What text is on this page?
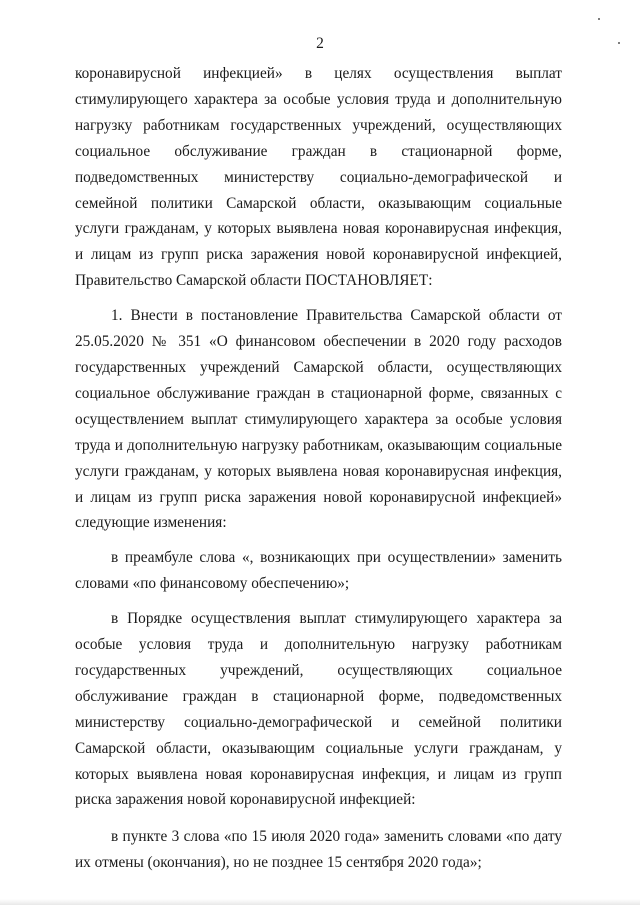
2

коронавирусной инфекцией» в целях осуществления выплат стимулирующего характера за особые условия труда и дополнительную нагрузку работникам государственных учреждений, осуществляющих социальное обслуживание граждан в стационарной форме, подведомственных министерству социально-демографической и семейной политики Самарской области, оказывающим социальные услуги гражданам, у которых выявлена новая коронавирусная инфекция, и лицам из групп риска заражения новой коронавирусной инфекцией, Правительство Самарской области ПОСТАНОВЛЯЕТ:

1. Внести в постановление Правительства Самарской области от 25.05.2020 № 351 «О финансовом обеспечении в 2020 году расходов государственных учреждений Самарской области, осуществляющих социальное обслуживание граждан в стационарной форме, связанных с осуществлением выплат стимулирующего характера за особые условия труда и дополнительную нагрузку работникам, оказывающим социальные услуги гражданам, у которых выявлена новая коронавирусная инфекция, и лицам из групп риска заражения новой коронавирусной инфекцией» следующие изменения:

в преамбуле слова «, возникающих при осуществлении» заменить словами «по финансовому обеспечению»;

в Порядке осуществления выплат стимулирующего характера за особые условия труда и дополнительную нагрузку работникам государственных учреждений, осуществляющих социальное обслуживание граждан в стационарной форме, подведомственных министерству социально-демографической и семейной политики Самарской области, оказывающим социальные услуги гражданам, у которых выявлена новая коронавирусная инфекция, и лицам из групп риска заражения новой коронавирусной инфекцией:

в пункте 3 слова «по 15 июля 2020 года» заменить словами «по дату их отмены (окончания), но не позднее 15 сентября 2020 года»;
